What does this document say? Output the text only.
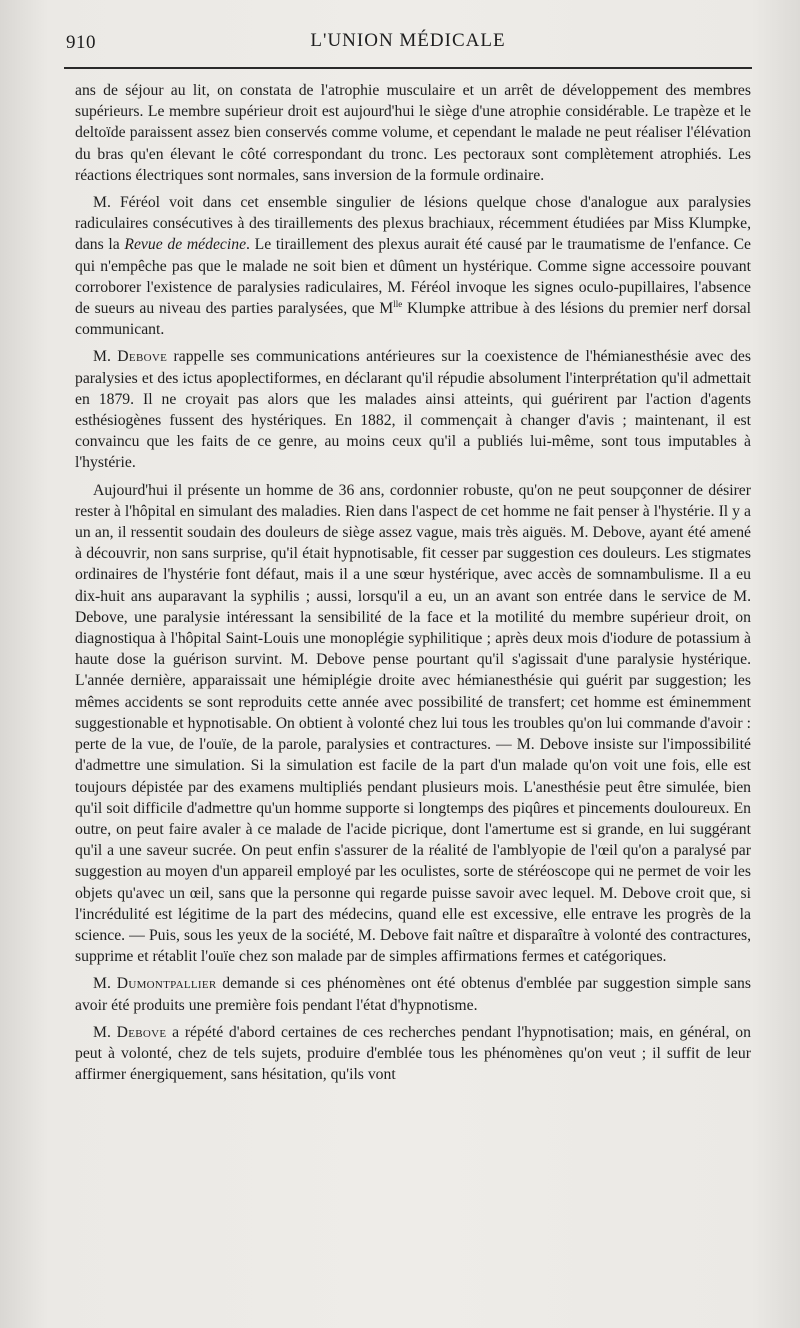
910	L'UNION MÉDICALE

ans de séjour au lit, on constata de l'atrophie musculaire et un arrêt de développement des membres supérieurs. Le membre supérieur droit est aujourd'hui le siège d'une atrophie considérable. Le trapèze et le deltoïde paraissent assez bien conservés comme volume, et cependant le malade ne peut réaliser l'élévation du bras qu'en élevant le côté correspondant du tronc. Les pectoraux sont complètement atrophiés. Les réactions électriques sont normales, sans inversion de la formule ordinaire.

M. Féréol voit dans cet ensemble singulier de lésions quelque chose d'analogue aux paralysies radiculaires consécutives à des tiraillements des plexus brachiaux, récemment étudiées par Miss Klumpke, dans la Revue de médecine. Le tiraillement des plexus aurait été causé par le traumatisme de l'enfance. Ce qui n'empêche pas que le malade ne soit bien et dûment un hystérique. Comme signe accessoire pouvant corroborer l'existence de paralysies radiculaires, M. Féréol invoque les signes oculo-pupillaires, l'absence de sueurs au niveau des parties paralysées, que $M^{lle}$ Klumpke attribue à des lésions du premier nerf dorsal communicant.

M. Debove rappelle ses communications antérieures sur la coexistence de l'hémianesthésie avec des paralysies et des ictus apoplectiformes, en déclarant qu'il répudie absolument l'interprétation qu'il admettait en 1879. Il ne croyait pas alors que les malades ainsi atteints, qui guérirent par l'action d'agents esthésiogènes fussent des hystériques. En 1882, il commençait à changer d'avis ; maintenant, il est convaincu que les faits de ce genre, au moins ceux qu'il a publiés lui-même, sont tous imputables à l'hystérie.

Aujourd'hui il présente un homme de 36 ans, cordonnier robuste, qu'on ne peut soupçonner de désirer rester à l'hôpital en simulant des maladies. Rien dans l'aspect de cet homme ne fait penser à l'hystérie. Il y a un an, il ressentit soudain des douleurs de siège assez vague, mais très aiguës. M. Debove, ayant été amené à découvrir, non sans surprise, qu'il était hypnotisable, fit cesser par suggestion ces douleurs. Les stigmates ordinaires de l'hystérie font défaut, mais il a une sœur hystérique, avec accès de somnambulisme. Il a eu dix-huit ans auparavant la syphilis ; aussi, lorsqu'il a eu, un an avant son entrée dans le service de M. Debove, une paralysie intéressant la sensibilité de la face et la motilité du membre supérieur droit, on diagnostiqua à l'hôpital Saint-Louis une monoplégie syphilitique ; après deux mois d'iodure de potassium à haute dose la guérison survint. M. Debove pense pourtant qu'il s'agissait d'une paralysie hystérique. L'année dernière, apparaissait une hémiplégie droite avec hémianesthésie qui guérit par suggestion; les mêmes accidents se sont reproduits cette année avec possibilité de transfert; cet homme est éminemment suggestionable et hypnotisable. On obtient à volonté chez lui tous les troubles qu'on lui commande d'avoir : perte de la vue, de l'ouïe, de la parole, paralysies et contractures. — M. Debove insiste sur l'impossibilité d'admettre une simulation. Si la simulation est facile de la part d'un malade qu'on voit une fois, elle est toujours dépistée par des examens multipliés pendant plusieurs mois. L'anesthésie peut être simulée, bien qu'il soit difficile d'admettre qu'un homme supporte si longtemps des piqûres et pincements douloureux. En outre, on peut faire avaler à ce malade de l'acide picrique, dont l'amertume est si grande, en lui suggérant qu'il a une saveur sucrée. On peut enfin s'assurer de la réalité de l'amblyopie de l'œil qu'on a paralysé par suggestion au moyen d'un appareil employé par les oculistes, sorte de stéréoscope qui ne permet de voir les objets qu'avec un œil, sans que la personne qui regarde puisse savoir avec lequel. M. Debove croit que, si l'incrédulité est légitime de la part des médecins, quand elle est excessive, elle entrave les progrès de la science. — Puis, sous les yeux de la société, M. Debove fait naître et disparaître à volonté des contractures, supprime et rétablit l'ouïe chez son malade par de simples affirmations fermes et catégoriques.

M. Dumontpallier demande si ces phénomènes ont été obtenus d'emblée par suggestion simple sans avoir été produits une première fois pendant l'état d'hypnotisme.

M. Debove a répété d'abord certaines de ces recherches pendant l'hypnotisation; mais, en général, on peut à volonté, chez de tels sujets, produire d'emblée tous les phénomènes qu'on veut ; il suffit de leur affirmer énergiquement, sans hésitation, qu'ils vont
